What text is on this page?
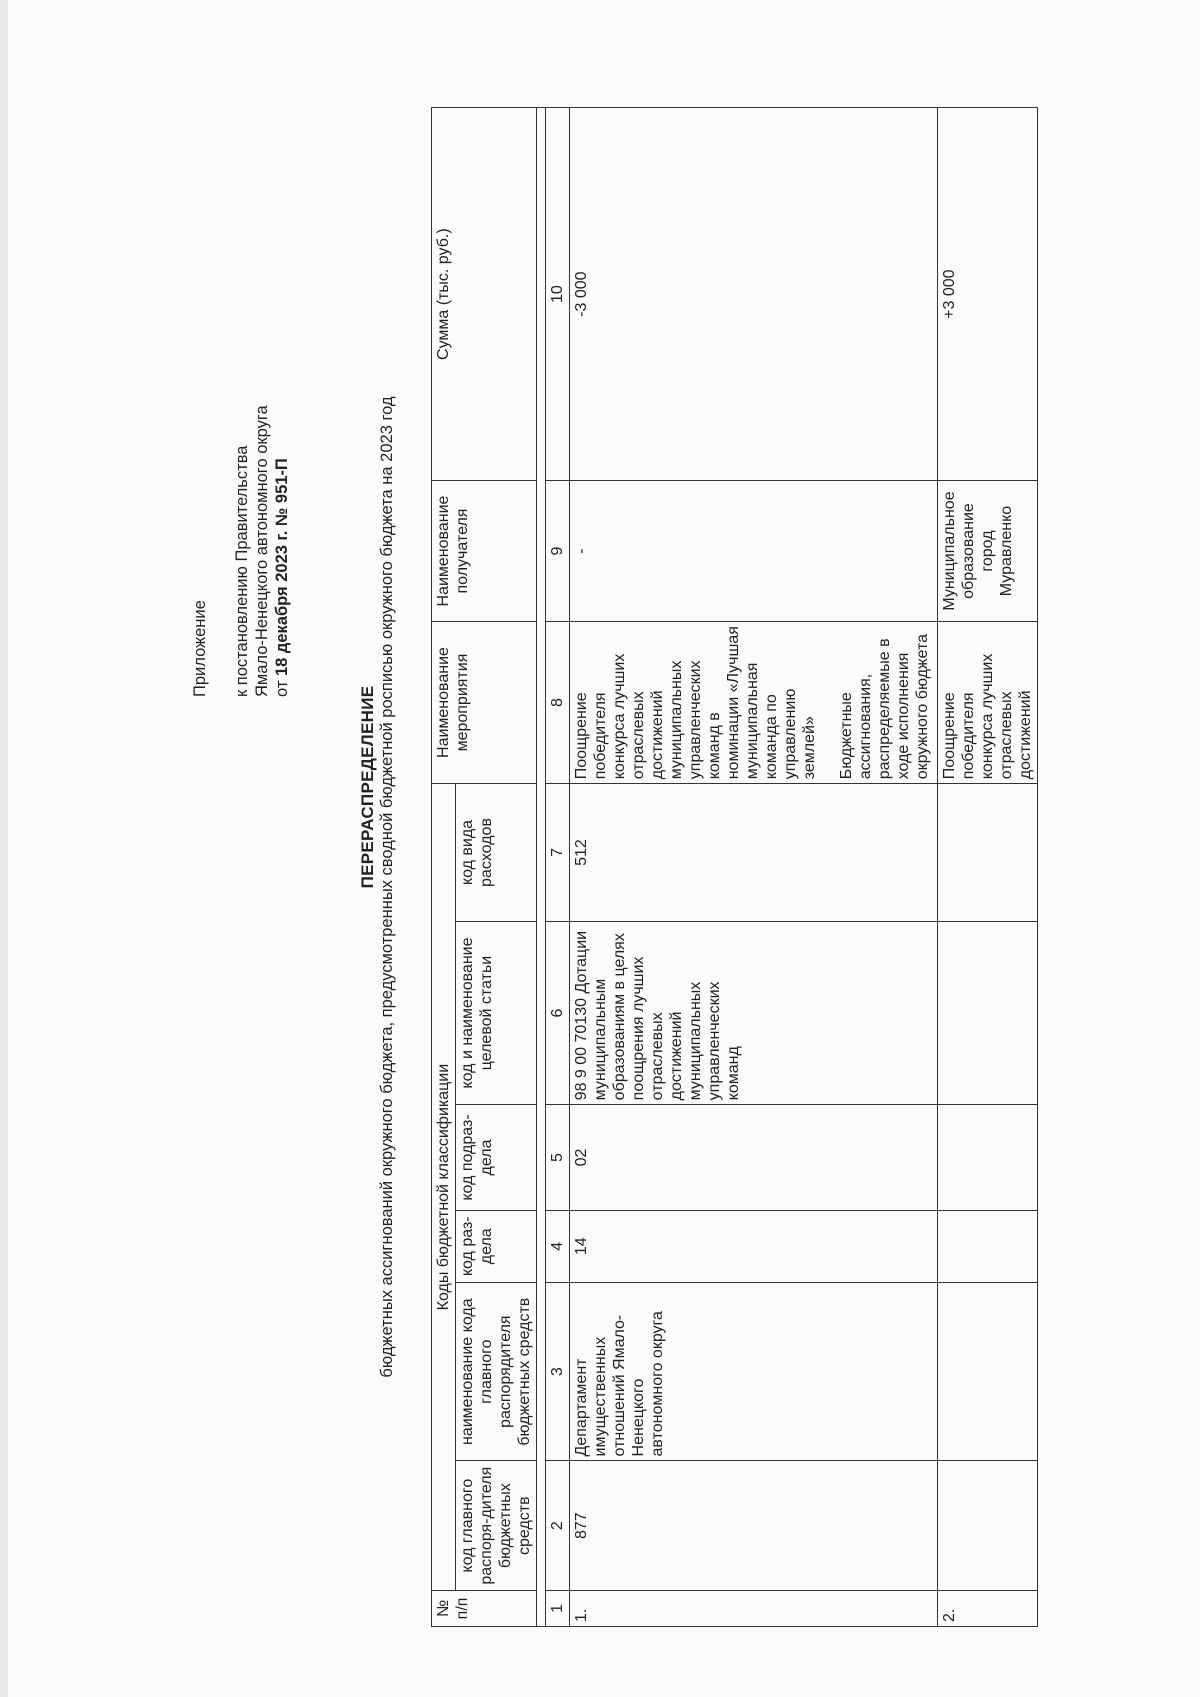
Приложение к постановлению Правительства Ямало-Ненецкого автономного округа от 18 декабря 2023 г. № 951-П
ПЕРЕРАСПРЕДЕЛЕНИЕ бюджетных ассигнований окружного бюджета, предусмотренных сводной бюджетной росписью окружного бюджета на 2023 год
№ п/п	Коды бюджетной классификации						Наименование мероприятия	Наименование получателя	Сумма (тыс. руб.)
	код главного распоря-дителя бюджетных средств	наименование кода главного распорядителя бюджетных средств	код раз-дела	код подраз-дела	код и наименование целевой статьи	код вида расходов			

1	2	3	4	5	6	7	8	9	10
1.	877	Департамент имущественных отношений Ямало-Ненецкого автономного округа	14	02	98 9 00 70130 Дотации муниципальным образованиям в целях поощрения лучших отраслевых достижений муниципальных управленческих команд	512	Поощрение победителя конкурса лучших отраслевых достижений муниципальных управленческих команд в номинации «Лучшая муниципальная команда по управлению землей» Бюджетные ассигнования, распределяемые в ходе исполнения окружного бюджета	-	-3 000
2.							Поощрение победителя конкурса лучших отраслевых достижений	Муниципальное образование город Муравленко	+3 000
